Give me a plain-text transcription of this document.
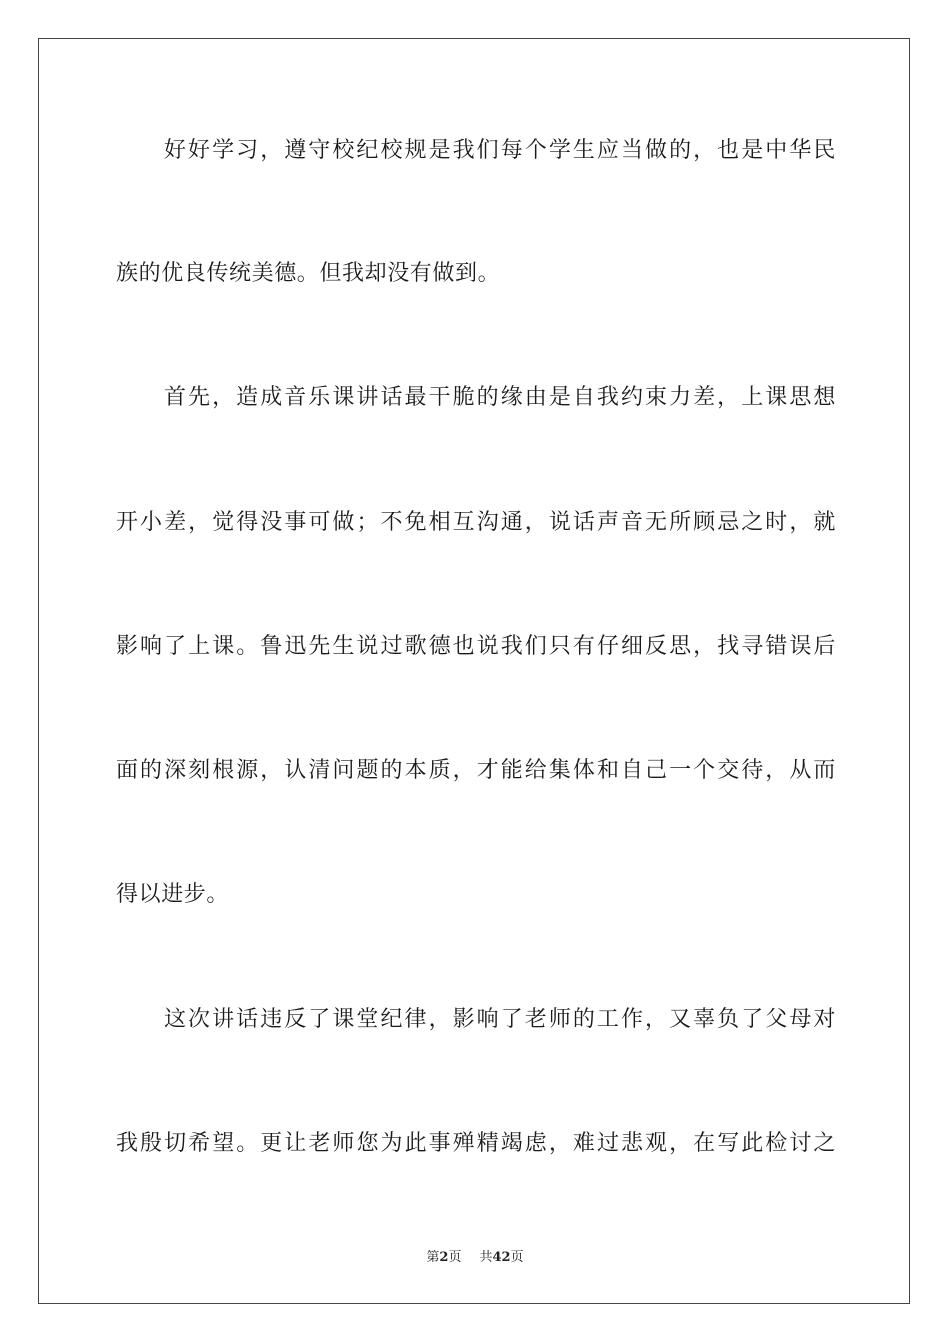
好好学习，遵守校纪校规是我们每个学生应当做的，也是中华民
族的优良传统美德。但我却没有做到。
首先，造成音乐课讲话最干脆的缘由是自我约束力差，上课思想
开小差，觉得没事可做；不免相互沟通，说话声音无所顾忌之时，就
影响了上课。鲁迅先生说过歌德也说我们只有仔细反思，找寻错误后
面的深刻根源，认清问题的本质，才能给集体和自己一个交待，从而
得以进步。
这次讲话违反了课堂纪律，影响了老师的工作，又辜负了父母对
我殷切希望。更让老师您为此事殚精竭虑，难过悲观，在写此检讨之
第2页 共42页
